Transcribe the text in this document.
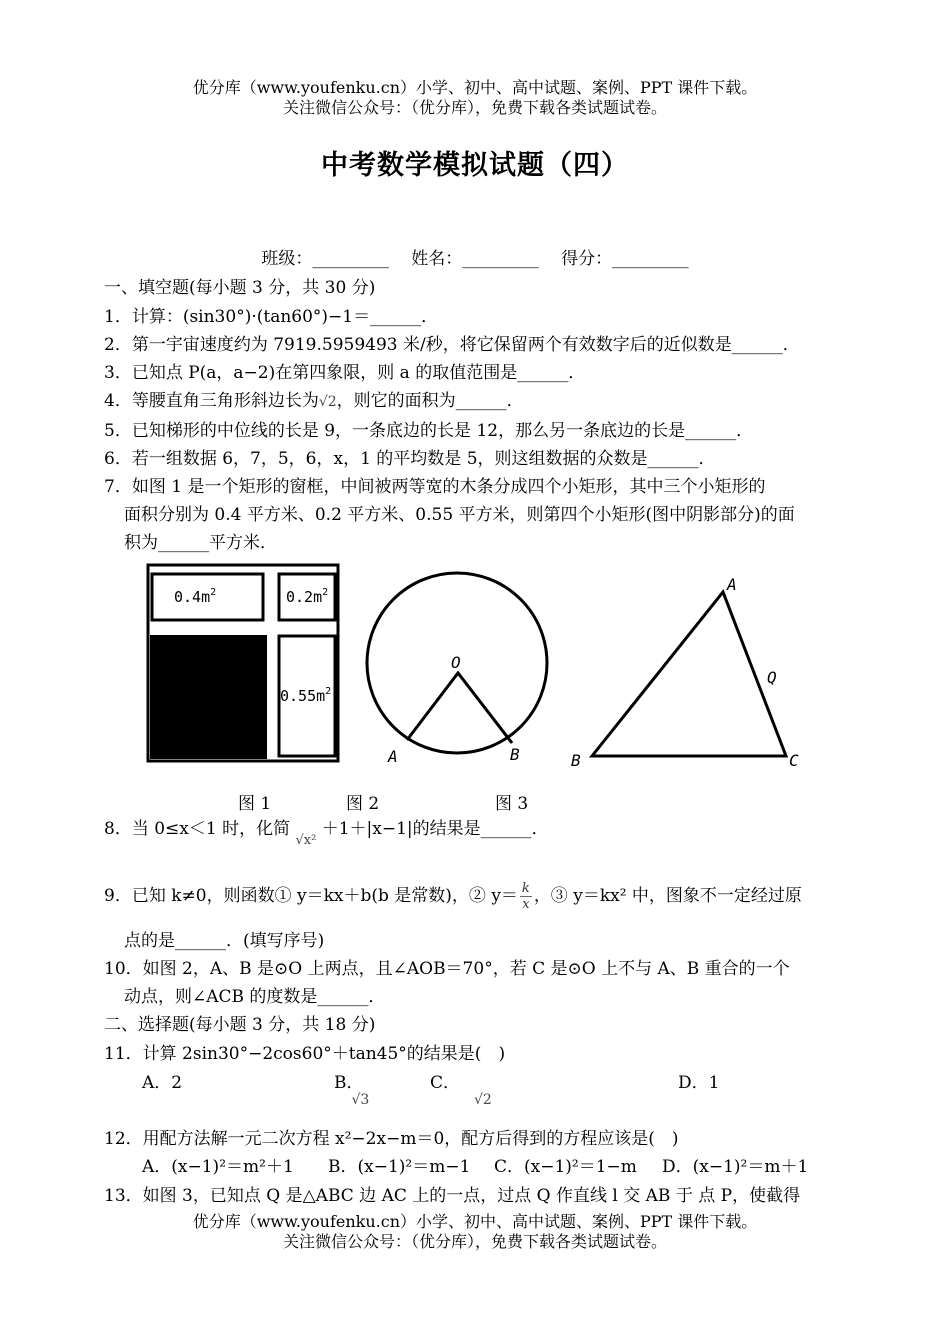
优分库（www.youfenku.cn）小学、初中、高中试题、案例、PPT 课件下载。
关注微信公众号：（优分库），免费下载各类试题试卷。
中考数学模拟试题（四）
班级：_________　 姓名：_________　 得分：_________
一、填空题(每小题 3 分，共 30 分)
1．计算：(sin30°)·(tan60°)−1＝______．
2．第一宇宙速度约为 7919.5959493 米/秒，将它保留两个有效数字后的近似数是______．
3．已知点 P(a，a−2)在第四象限，则 a 的取值范围是______．
4．等腰直角三角形斜边长为√2，则它的面积为______．
5．已知梯形的中位线的长是 9，一条底边的长是 12，那么另一条底边的长是______．
6．若一组数据 6，7，5，6，x，1 的平均数是 5，则这组数据的众数是______．
7．如图 1 是一个矩形的窗框，中间被两等宽的木条分成四个小矩形，其中三个小矩形的
面积分别为 0.4 平方米、0.2 平方米、0.55 平方米，则第四个小矩形(图中阴影部分)的面
积为______平方米．
$0.4m^2$	$0.2m^2$
$0.55m^2$
O
A	B
A
B	C
Q
图 1	图 2	图 3
8．当 0≤x＜1 时，化简 √x² ＋1＋|x−1|的结果是______．
9．已知 k≠0，则函数① y＝kx＋b(b 是常数)，② $y= \frac{k}{x}$ ，③ y＝kx² 中，图象不一定经过原
点的是______．(填写序号)
10．如图 2，A、B 是⊙O 上两点，且∠AOB＝70°，若 C 是⊙O 上不与 A、B 重合的一个
动点，则∠ACB 的度数是______．
二、选择题(每小题 3 分，共 18 分)
11．计算 2sin30°−2cos60°＋tan45°的结果是(　)
A．2	B．√3
C．√2
D．1
12．用配方法解一元二次方程 x²−2x−m＝0，配方后得到的方程应该是(　)
A．(x−1)²＝m²＋1 B．(x−1)²＝m−1 C．(x−1)²＝1−m D．(x−1)²＝m＋1
13．如图 3，已知点 Q 是△ABC 边 AC 上的一点，过点 Q 作直线 l 交 AB 于 点 P，使截得
优分库（www.youfenku.cn）小学、初中、高中试题、案例、PPT 课件下载。
关注微信公众号：（优分库），免费下载各类试题试卷。
